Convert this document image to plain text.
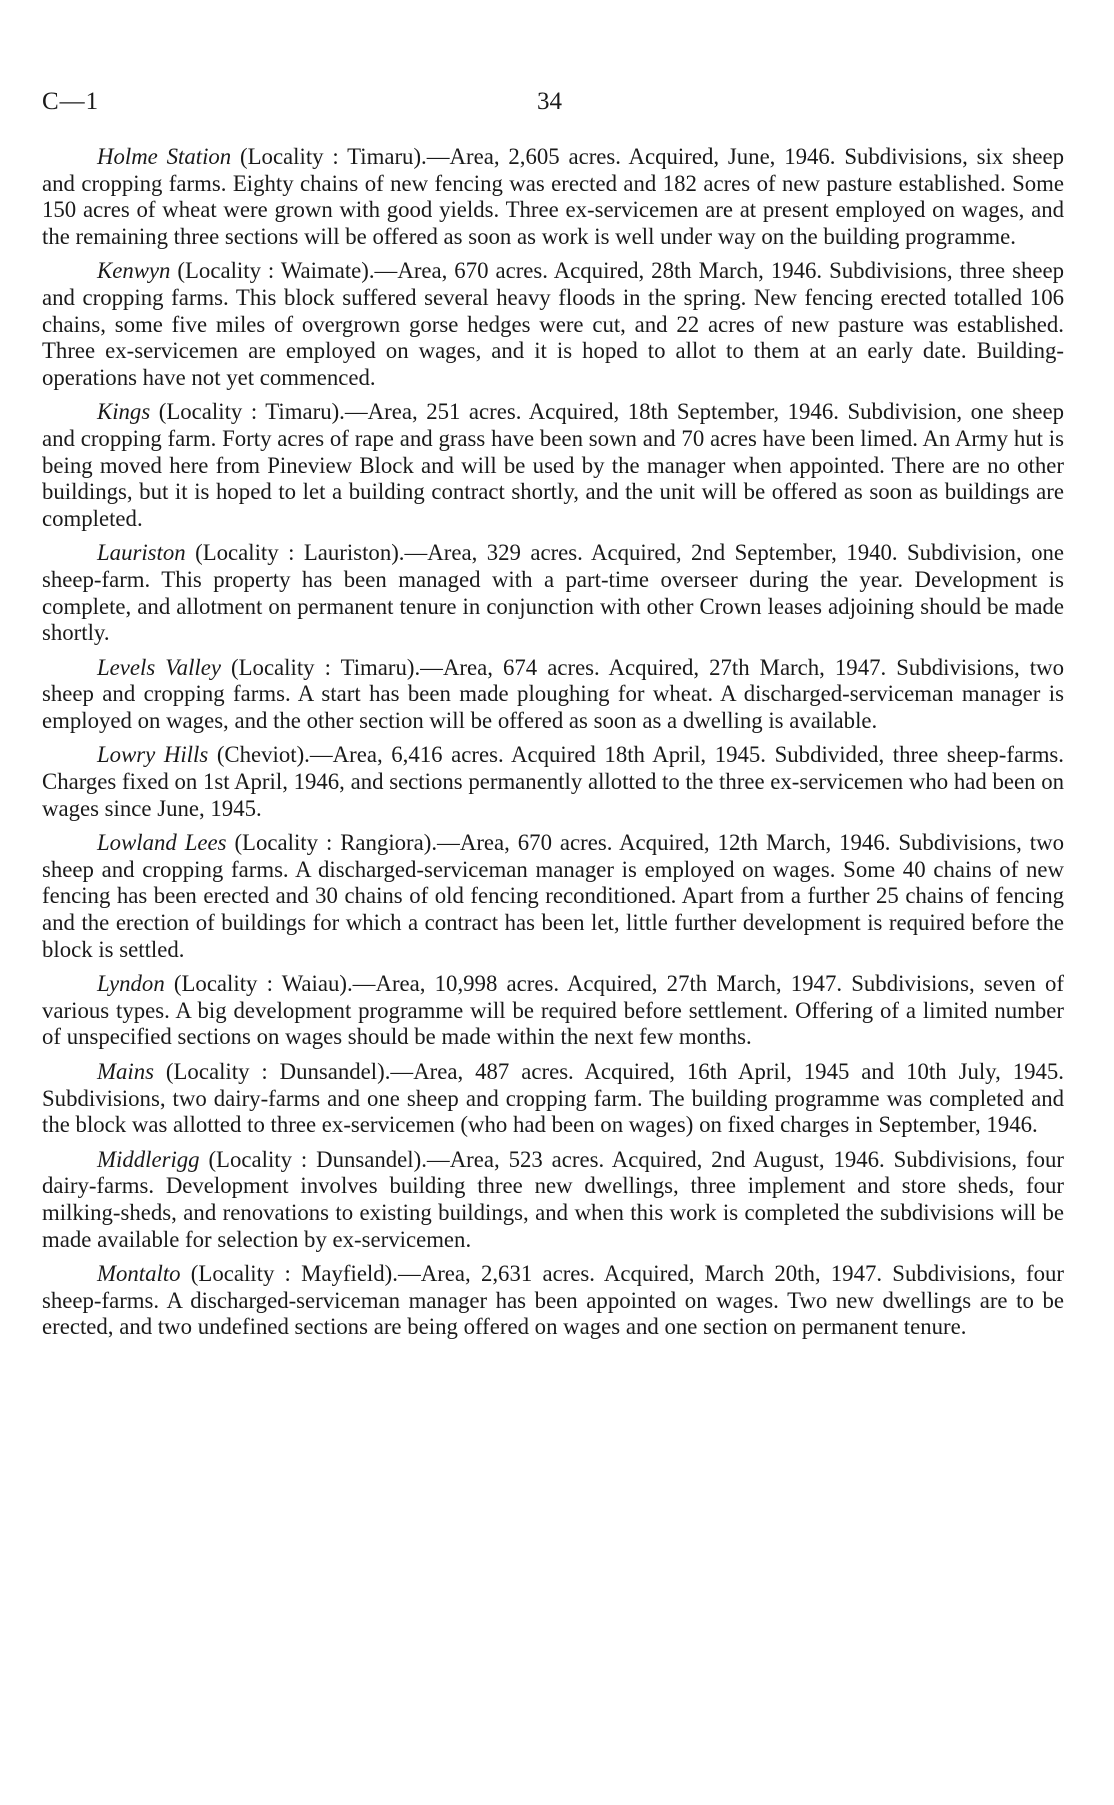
C—1	34

Holme Station (Locality : Timaru).—Area, 2,605 acres. Acquired, June, 1946. Subdivisions, six sheep and cropping farms. Eighty chains of new fencing was erected and 182 acres of new pasture established. Some 150 acres of wheat were grown with good yields. Three ex-servicemen are at present employed on wages, and the remaining three sections will be offered as soon as work is well under way on the building programme.

Kenwyn (Locality : Waimate).—Area, 670 acres. Acquired, 28th March, 1946. Subdivisions, three sheep and cropping farms. This block suffered several heavy floods in the spring. New fencing erected totalled 106 chains, some five miles of overgrown gorse hedges were cut, and 22 acres of new pasture was established. Three ex-servicemen are employed on wages, and it is hoped to allot to them at an early date. Building-operations have not yet commenced.

Kings (Locality : Timaru).—Area, 251 acres. Acquired, 18th September, 1946. Subdivision, one sheep and cropping farm. Forty acres of rape and grass have been sown and 70 acres have been limed. An Army hut is being moved here from Pineview Block and will be used by the manager when appointed. There are no other buildings, but it is hoped to let a building contract shortly, and the unit will be offered as soon as buildings are completed.

Lauriston (Locality : Lauriston).—Area, 329 acres. Acquired, 2nd September, 1940. Subdivision, one sheep-farm. This property has been managed with a part-time overseer during the year. Development is complete, and allotment on permanent tenure in conjunction with other Crown leases adjoining should be made shortly.

Levels Valley (Locality : Timaru).—Area, 674 acres. Acquired, 27th March, 1947. Subdivisions, two sheep and cropping farms. A start has been made ploughing for wheat. A discharged-serviceman manager is employed on wages, and the other section will be offered as soon as a dwelling is available.

Lowry Hills (Cheviot).—Area, 6,416 acres. Acquired 18th April, 1945. Subdivided, three sheep-farms. Charges fixed on 1st April, 1946, and sections permanently allotted to the three ex-servicemen who had been on wages since June, 1945.

Lowland Lees (Locality : Rangiora).—Area, 670 acres. Acquired, 12th March, 1946. Subdivisions, two sheep and cropping farms. A discharged-serviceman manager is employed on wages. Some 40 chains of new fencing has been erected and 30 chains of old fencing reconditioned. Apart from a further 25 chains of fencing and the erection of buildings for which a contract has been let, little further development is required before the block is settled.

Lyndon (Locality : Waiau).—Area, 10,998 acres. Acquired, 27th March, 1947. Subdivisions, seven of various types. A big development programme will be required before settlement. Offering of a limited number of unspecified sections on wages should be made within the next few months.

Mains (Locality : Dunsandel).—Area, 487 acres. Acquired, 16th April, 1945 and 10th July, 1945. Subdivisions, two dairy-farms and one sheep and cropping farm. The building programme was completed and the block was allotted to three ex-servicemen (who had been on wages) on fixed charges in September, 1946.

Middlerigg (Locality : Dunsandel).—Area, 523 acres. Acquired, 2nd August, 1946. Subdivisions, four dairy-farms. Development involves building three new dwellings, three implement and store sheds, four milking-sheds, and renovations to existing buildings, and when this work is completed the subdivisions will be made available for selection by ex-servicemen.

Montalto (Locality : Mayfield).—Area, 2,631 acres. Acquired, March 20th, 1947. Subdivisions, four sheep-farms. A discharged-serviceman manager has been appointed on wages. Two new dwellings are to be erected, and two undefined sections are being offered on wages and one section on permanent tenure.
